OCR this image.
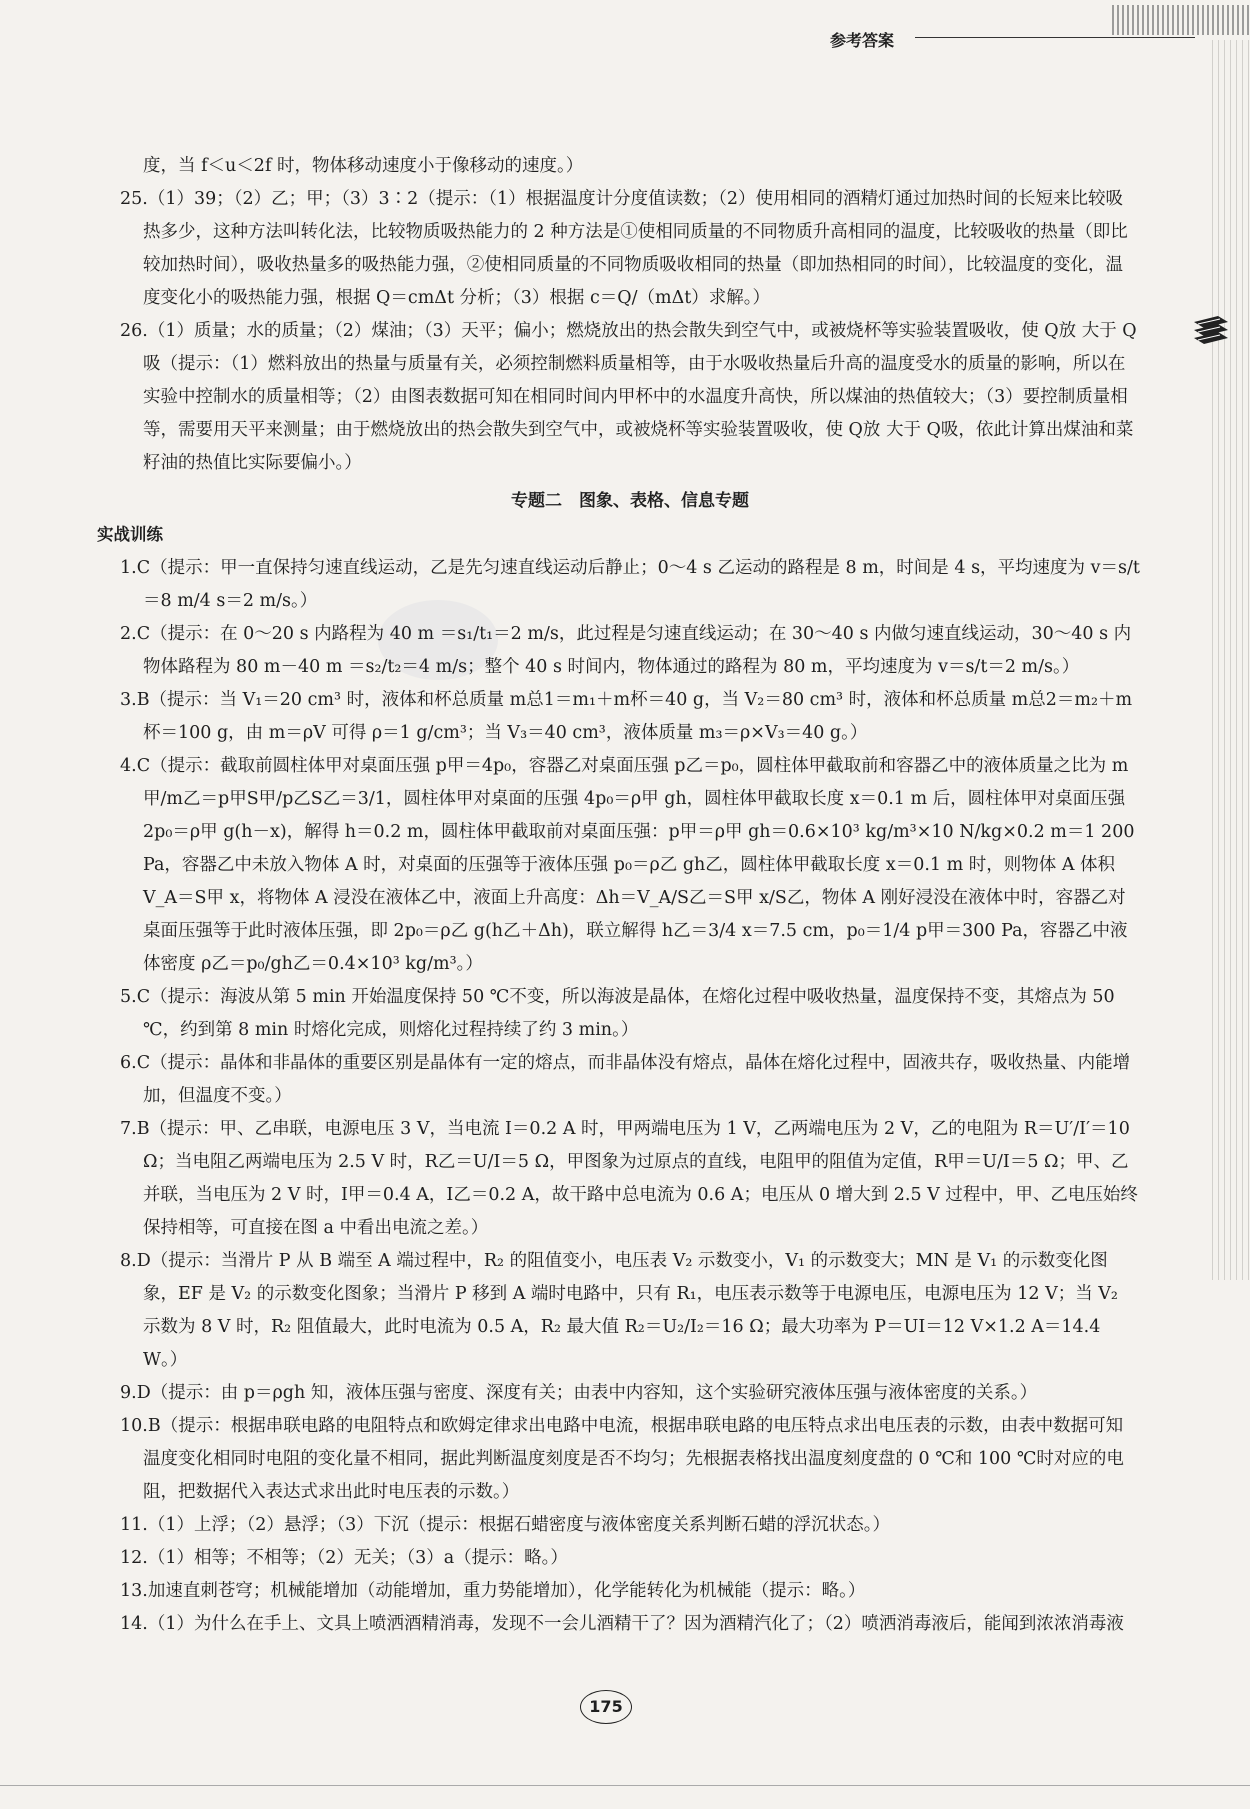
参考答案

度，当 f＜u＜2f 时，物体移动速度小于像移动的速度。）

25.（1）39；（2）乙；甲；（3）3∶2（提示：（1）根据温度计分度值读数；（2）使用相同的酒精灯通过加热时间的长短来比较吸热多少，这种方法叫转化法，比较物质吸热能力的 2 种方法是①使相同质量的不同物质升高相同的温度，比较吸收的热量（即比较加热时间），吸收热量多的吸热能力强，②使相同质量的不同物质吸收相同的热量（即加热相同的时间），比较温度的变化，温度变化小的吸热能力强，根据 Q＝cmΔt 分析；（3）根据 c＝Q/（mΔt）求解。）

26.（1）质量；水的质量；（2）煤油；（3）天平；偏小；燃烧放出的热会散失到空气中，或被烧杯等实验装置吸收，使 Q放 大于 Q吸（提示：（1）燃料放出的热量与质量有关，必须控制燃料质量相等，由于水吸收热量后升高的温度受水的质量的影响，所以在实验中控制水的质量相等；（2）由图表数据可知在相同时间内甲杯中的水温度升高快，所以煤油的热值较大；（3）要控制质量相等，需要用天平来测量；由于燃烧放出的热会散失到空气中，或被烧杯等实验装置吸收，使 Q放 大于 Q吸，依此计算出煤油和菜籽油的热值比实际要偏小。）

专题二　图象、表格、信息专题

实战训练

1.C（提示：甲一直保持匀速直线运动，乙是先匀速直线运动后静止；0～4 s 乙运动的路程是 8 m，时间是 4 s，平均速度为 v＝s/t＝8 m/4 s＝2 m/s。）

2.C（提示：在 0～20 s 内路程为 40 m ＝s₁/t₁＝2 m/s，此过程是匀速直线运动；在 30～40 s 内做匀速直线运动，30～40 s 内物体路程为 80 m－40 m ＝s₂/t₂＝4 m/s；整个 40 s 时间内，物体通过的路程为 80 m，平均速度为 v＝s/t＝2 m/s。）

3.B（提示：当 V₁＝20 cm³ 时，液体和杯总质量 m总1＝m₁＋m杯＝40 g，当 V₂＝80 cm³ 时，液体和杯总质量 m总2＝m₂＋m杯＝100 g，由 m＝ρV 可得 ρ＝1 g/cm³；当 V₃＝40 cm³，液体质量 m₃＝ρ×V₃＝40 g。）

4.C（提示：截取前圆柱体甲对桌面压强 p甲＝4p₀，容器乙对桌面压强 p乙＝p₀，圆柱体甲截取前和容器乙中的液体质量之比为 m甲/m乙＝p甲S甲/p乙S乙＝3/1，圆柱体甲对桌面的压强 4p₀＝ρ甲 gh，圆柱体甲截取长度 x＝0.1 m 后，圆柱体甲对桌面压强 2p₀＝ρ甲 g(h－x)，解得 h＝0.2 m，圆柱体甲截取前对桌面压强：p甲＝ρ甲 gh＝0.6×10³ kg/m³×10 N/kg×0.2 m＝1 200 Pa，容器乙中未放入物体 A 时，对桌面的压强等于液体压强 p₀＝ρ乙 gh乙，圆柱体甲截取长度 x＝0.1 m 时，则物体 A 体积 V_A＝S甲 x，将物体 A 浸没在液体乙中，液面上升高度：Δh＝V_A/S乙＝S甲 x/S乙，物体 A 刚好浸没在液体中时，容器乙对桌面压强等于此时液体压强，即 2p₀＝ρ乙 g(h乙＋Δh)，联立解得 h乙＝3/4 x＝7.5 cm，p₀＝1/4 p甲＝300 Pa，容器乙中液体密度 ρ乙＝p₀/gh乙＝0.4×10³ kg/m³。）

5.C（提示：海波从第 5 min 开始温度保持 50 ℃不变，所以海波是晶体，在熔化过程中吸收热量，温度保持不变，其熔点为 50 ℃，约到第 8 min 时熔化完成，则熔化过程持续了约 3 min。）

6.C（提示：晶体和非晶体的重要区别是晶体有一定的熔点，而非晶体没有熔点，晶体在熔化过程中，固液共存，吸收热量、内能增加，但温度不变。）

7.B（提示：甲、乙串联，电源电压 3 V，当电流 I＝0.2 A 时，甲两端电压为 1 V，乙两端电压为 2 V，乙的电阻为 R＝U′/I′＝10 Ω；当电阻乙两端电压为 2.5 V 时，R乙＝U/I＝5 Ω，甲图象为过原点的直线，电阻甲的阻值为定值，R甲＝U/I＝5 Ω；甲、乙并联，当电压为 2 V 时，I甲＝0.4 A，I乙＝0.2 A，故干路中总电流为 0.6 A；电压从 0 增大到 2.5 V 过程中，甲、乙电压始终保持相等，可直接在图 a 中看出电流之差。）

8.D（提示：当滑片 P 从 B 端至 A 端过程中，R₂ 的阻值变小，电压表 V₂ 示数变小，V₁ 的示数变大；MN 是 V₁ 的示数变化图象，EF 是 V₂ 的示数变化图象；当滑片 P 移到 A 端时电路中，只有 R₁，电压表示数等于电源电压，电源电压为 12 V；当 V₂ 示数为 8 V 时，R₂ 阻值最大，此时电流为 0.5 A，R₂ 最大值 R₂＝U₂/I₂＝16 Ω；最大功率为 P＝UI＝12 V×1.2 A＝14.4 W。）

9.D（提示：由 p＝ρgh 知，液体压强与密度、深度有关；由表中内容知，这个实验研究液体压强与液体密度的关系。）

10.B（提示：根据串联电路的电阻特点和欧姆定律求出电路中电流，根据串联电路的电压特点求出电压表的示数，由表中数据可知温度变化相同时电阻的变化量不相同，据此判断温度刻度是否不均匀；先根据表格找出温度刻度盘的 0 ℃和 100 ℃时对应的电阻，把数据代入表达式求出此时电压表的示数。）

11.（1）上浮；（2）悬浮；（3）下沉（提示：根据石蜡密度与液体密度关系判断石蜡的浮沉状态。）

12.（1）相等；不相等；（2）无关；（3）a（提示：略。）

13.加速直刺苍穹；机械能增加（动能增加，重力势能增加），化学能转化为机械能（提示：略。）

14.（1）为什么在手上、文具上喷洒酒精消毒，发现不一会儿酒精干了？因为酒精汽化了；（2）喷洒消毒液后，能闻到浓浓消毒液

175
